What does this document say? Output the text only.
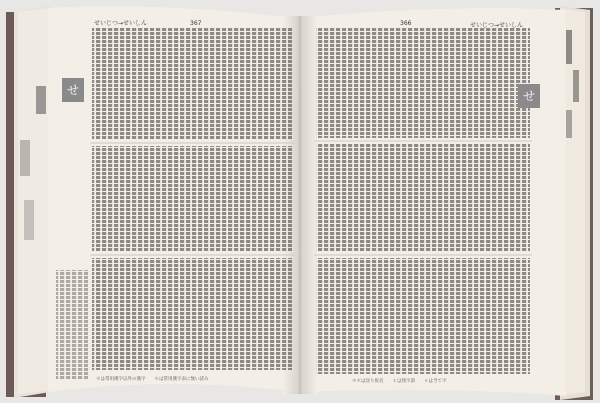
せいじつ→せいしん	367	せいじつ→せいしん
366
せ	せ
＊は常用漢字以外の漢字　　＊は常用漢字表に無い読み	＊＊は送り仮名　　ｔは熟字訓　　ｓは当て字
